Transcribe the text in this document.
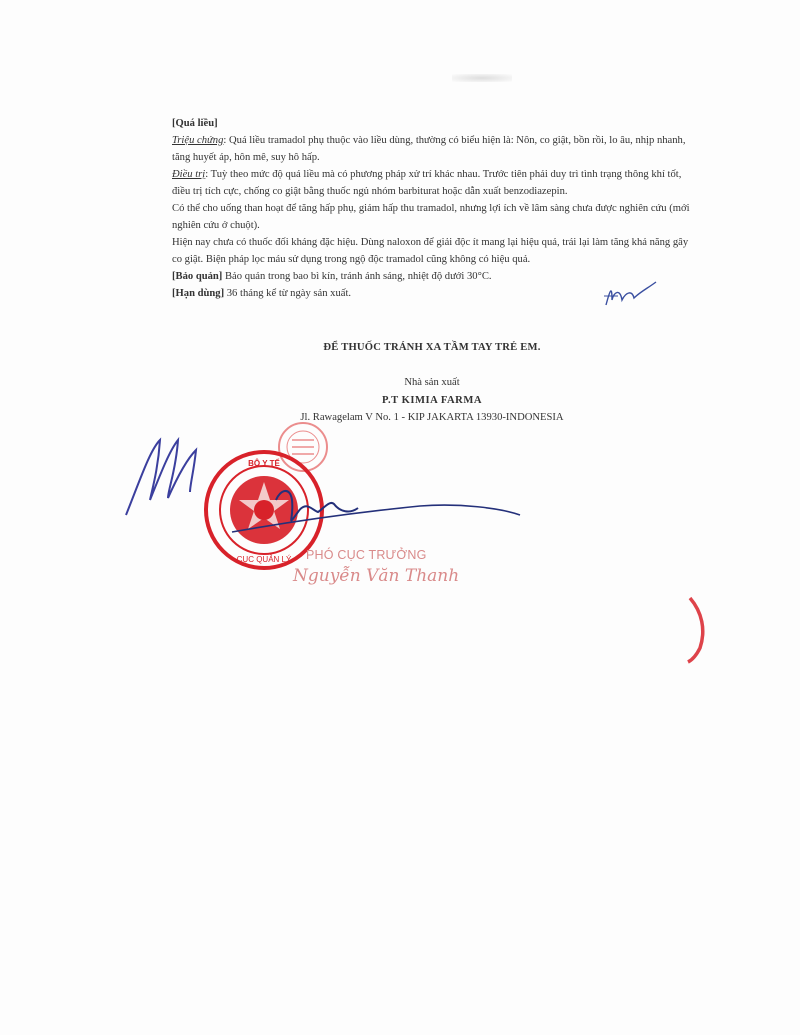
[Quá liều]

Triệu chứng: Quá liều tramadol phụ thuộc vào liều dùng, thường có biểu hiện là: Nôn, co giật, bồn rồi, lo âu, nhịp nhanh, tăng huyết áp, hôn mê, suy hô hấp.

Điều trị: Tuỳ theo mức độ quá liều mà có phương pháp xử trí khác nhau. Trước tiên phải duy trì tình trạng thông khí tốt, điều trị tích cực, chống co giật bằng thuốc ngủ nhóm barbiturat hoặc dẫn xuất benzodiazepin.

Có thể cho uống than hoạt để tăng hấp phụ, giảm hấp thu tramadol, nhưng lợi ích về lâm sàng chưa được nghiên cứu (mới nghiên cứu ở chuột).

Hiện nay chưa có thuốc đối kháng đặc hiệu. Dùng naloxon để giải độc ít mang lại hiệu quả, trái lại làm tăng khả năng gây co giật. Biện pháp lọc máu sử dụng trong ngộ độc tramadol cũng không có hiệu quả.

[Bảo quản] Bảo quản trong bao bì kín, tránh ánh sáng, nhiệt độ dưới 30°C.

[Hạn dùng] 36 tháng kể từ ngày sản xuất.

ĐỂ THUỐC TRÁNH XA TẦM TAY TRẺ EM.
Nhà sản xuất
P.T KIMIA FARMA
Jl. Rawagelam V No. 1 - KIP JAKARTA 13930-INDONESIA
BỘ Y TẾ
CỤC QUẢN LÝ PHÓ CỤC TRƯỞNG
Nguyễn Văn Thanh
